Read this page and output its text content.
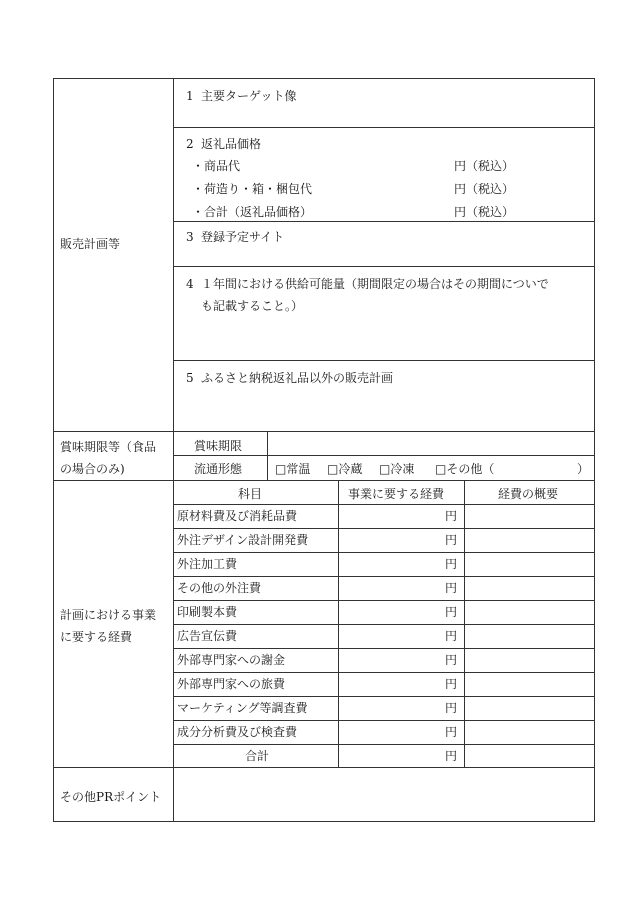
販売計画等
1 主要ターゲット像
2 返礼品価格
・商品代	円（税込）
・荷造り・箱・梱包代	円（税込）
・合計（返礼品価格）	円（税込）
3 登録予定サイト
4 １年間における供給可能量（期間限定の場合はその期間についで
も記載すること。）
5 ふるさと納税返礼品以外の販売計画
賞味期限等（食品
の場合のみ)
賞味期限
流通形態	□常温 □冷蔵 □冷凍 □その他（	）
計画における事業
に要する経費
科目	事業に要する経費	経費の概要
原材料費及び消耗品費	円
外注デザイン設計開発費	円
外注加工費	円
その他の外注費	円
印刷製本費	円
広告宣伝費	円
外部専門家への謝金	円
外部専門家への旅費	円
マーケティング等調査費	円
成分分析費及び検査費	円
合計	円
その他PRポイント
